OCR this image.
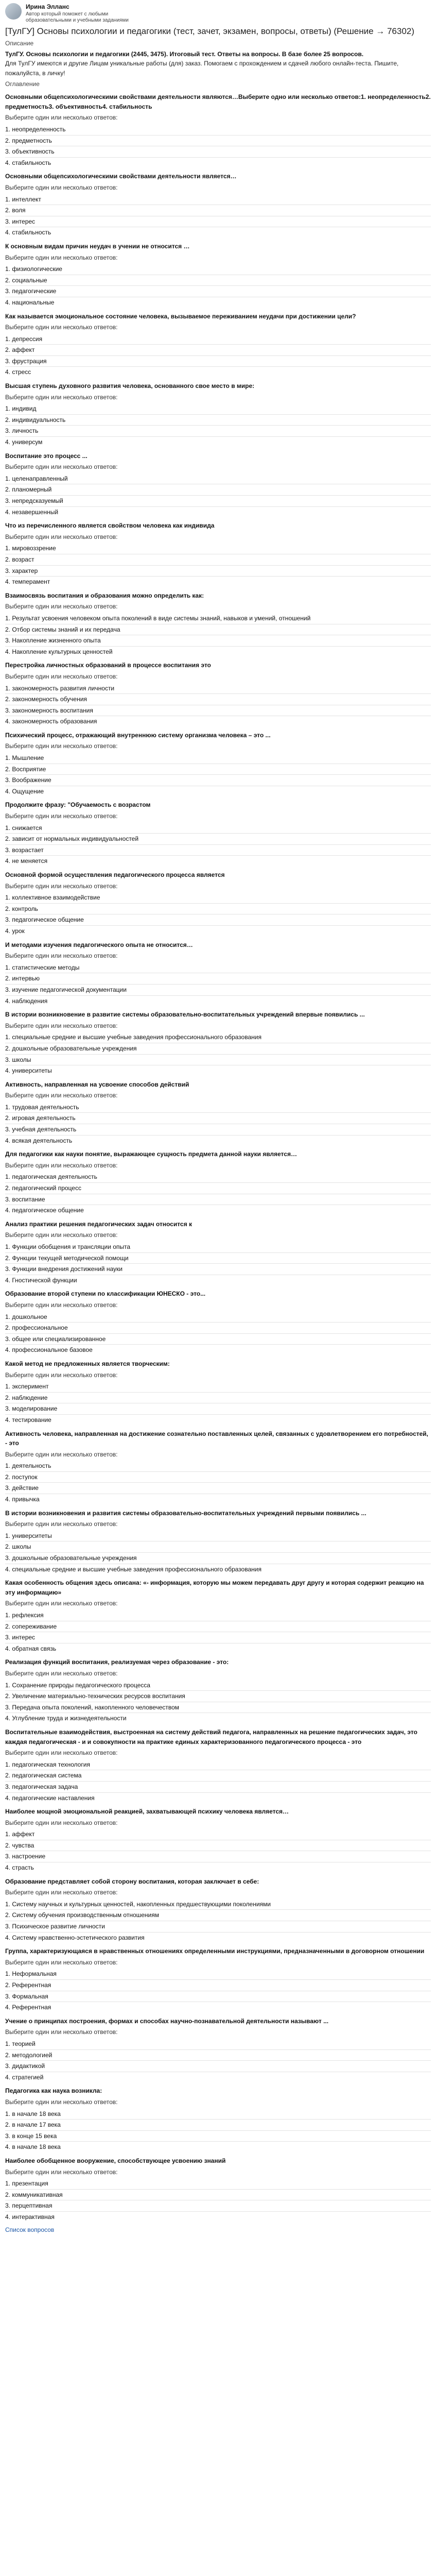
Ирина Элланс
Автор который поможет с любыми образовательными и учебными заданиями
[ТулГУ] Основы психологии и педагогики (тест, зачет, экзамен, вопросы, ответы) (Решение → 76302)
Описание

ТулГУ. Основы психологии и педагогики (2445, 3475). Итоговый тест. Ответы на вопросы. В базе более 25 вопросов.

Для ТулГУ имеются и другие Лицам уникальные работы (для) заказ. Помогаем с прохождением и сдачей любого онлайн-теста. Пишите, пожалуйста, в личку!

Оглавление
Основными общепсихологическими свойствами деятельности являются…Выберите одно или несколько ответов:1. неопределенность2. предметность3. объективность4. стабильность
Выберите один или несколько ответов:
1. неопределенность
2. предметность
3. объективность
4. стабильность
Основными общепсихологическими свойствами деятельности является…
Выберите один или несколько ответов:
1. интеллект
2. воля
3. интерес
4. стабильность
К основным видам причин неудач в учении не относится …
Выберите один или несколько ответов:
1. физиологические
2. социальные
3. педагогические
4. национальные
Как называется эмоциональное состояние человека, вызываемое переживанием неудачи при достижении цели?
Выберите один или несколько ответов:
1. депрессия
2. аффект
3. фрустрация
4. стресс
Высшая ступень духовного развития человека, основанного свое место в мире:
Выберите один или несколько ответов:
1. индивид
2. индивидуальность
3. личность
4. универсум
Воспитание это процесс ...
Выберите один или несколько ответов:
1. целенаправленный
2. планомерный
3. непредсказуемый
4. незавершенный
Что из перечисленного является свойством человека как индивида
Выберите один или несколько ответов:
1. мировоззрение
2. возраст
3. характер
4. темперамент
Взаимосвязь воспитания и образования можно определить как:
Выберите один или несколько ответов:
1. Результат усвоения человеком опыта поколений в виде системы знаний, навыков и умений, отношений
2. Отбор системы знаний и их передача
3. Накопление жизненного опыта
4. Накопление культурных ценностей
Перестройка личностных образований в процессе воспитания это
Выберите один или несколько ответов:
1. закономерность развития личности
2. закономерность обучения
3. закономерность воспитания
4. закономерность образования
Психический процесс, отражающий внутреннюю систему организма человека – это ...
Выберите один или несколько ответов:
1. Мышление
2. Восприятие
3. Воображение
4. Ощущение
Продолжите фразу: "Обучаемость с возрастом
Выберите один или несколько ответов:
1. снижается
2. зависит от нормальных индивидуальностей
3. возрастает
4. не меняется
Основной формой осуществления педагогического процесса является
Выберите один или несколько ответов:
1. коллективное взаимодействие
2. контроль
3. педагогическое общение
4. урок
И методами изучения педагогического опыта не относится…
Выберите один или несколько ответов:
1. статистические методы
2. интервью
3. изучение педагогической документации
4. наблюдения
В истории возникновение в развитие системы образовательно-воспитательных учреждений впервые появились ...
Выберите один или несколько ответов:
1. специальные средние и высшие учебные заведения профессионального образования
2. дошкольные образовательные учреждения
3. школы
4. университеты
Активность, направленная на усвоение способов действий
Выберите один или несколько ответов:
1. трудовая деятельность
2. игровая деятельность
3. учебная деятельность
4. всякая деятельность
Для педагогики как науки понятие, выражающее сущность предмета данной науки является…
Выберите один или несколько ответов:
1. педагогическая деятельность
2. педагогический процесс
3. воспитание
4. педагогическое общение
Анализ практики решения педагогических задач относится к
Выберите один или несколько ответов:
1. Функции обобщения и трансляции опыта
2. Функции текущей методической помощи
3. Функции внедрения достижений науки
4. Гностической функции
Образование второй ступени по классификации ЮНЕСКО - это...
Выберите один или несколько ответов:
1. дошкольное
2. профессиональное
3. общее или специализированное
4. профессиональное базовое
Какой метод не предложенных является творческим:
Выберите один или несколько ответов:
1. эксперимент
2. наблюдение
3. моделирование
4. тестирование
Активность человека, направленная на достижение сознательно поставленных целей, связанных с удовлетворением его потребностей, - это
Выберите один или несколько ответов:
1. деятельность
2. поступок
3. действие
4. привычка
В истории возникновения и развития системы образовательно-воспитательных учреждений первыми появились ...
Выберите один или несколько ответов:
1. университеты
2. школы
3. дошкольные образовательные учреждения
4. специальные средние и высшие учебные заведения профессионального образования
Какая особенность общения здесь описана: «- информация, которую мы можем передавать друг другу и которая содержит реакцию на эту информацию»
Выберите один или несколько ответов:
1. рефлексия
2. сопереживание
3. интерес
4. обратная связь
Реализация функций воспитания, реализуемая через образование - это:
Выберите один или несколько ответов:
1. Сохранение природы педагогического процесса
2. Увеличение материально-технических ресурсов воспитания
3. Передача опыта поколений, накопленного человечеством
4. Углубление труда и жизнедеятельности
Воспитательные взаимодействия, выстроенная на систему действий педагога, направленных на решение педагогических задач, это каждая педагогическая - и и совокупности на практике единых характеризованного педагогического процесса - это
Выберите один или несколько ответов:
1. педагогическая технология
2. педагогическая система
3. педагогическая задача
4. педагогические наставления
Наиболее мощной эмоциональной реакцией, захватывающей психику человека является…
Выберите один или несколько ответов:
1. аффект
2. чувства
3. настроение
4. страсть
Образование представляет собой сторону воспитания, которая заключает в себе:
Выберите один или несколько ответов:
1. Систему научных и культурных ценностей, накопленных предшествующими поколениями
2. Систему обучения производственным отношениям
3. Психическое развитие личности
4. Систему нравственно-эстетического развития
Группа, характеризующаяся в нравственных отношениях определенными инструкциями, предназначенными в договорном отношении
Выберите один или несколько ответов:
1. Неформальная
2. Референтная
3. Формальная
4. Референтная
Учение о принципах построения, формах и способах научно-познавательной деятельности называют ...
Выберите один или несколько ответов:
1. теорией
2. методологией
3. дидактикой
4. стратегией
Педагогика как наука возникла:
Выберите один или несколько ответов:
1. в начале 18 века
2. в начале 17 века
3. в конце 15 века
4. в начале 18 века
Наиболее обобщенное вооружение, способствующее усвоению знаний
Выберите один или несколько ответов:
1. презентация
2. коммуникативная
3. перцептивная
4. интерактивная
Список вопросов
